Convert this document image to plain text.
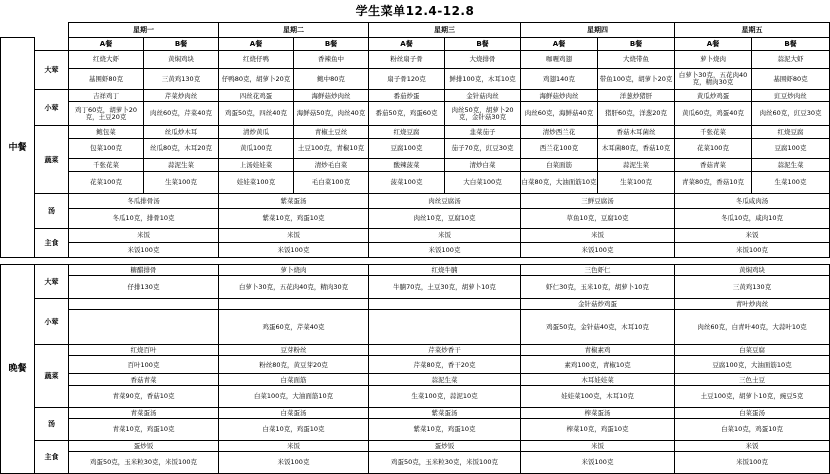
学生菜单12.4-12.8
		星期一		星期二		星期三		星期四		星期五	
中餐		A餐	B餐	A餐	B餐	A餐	B餐	A餐	B餐	A餐	B餐
	大荤	红烧大虾	黄焖鸡块	红烧仔鸭	香辣鱼中	粉丝扇子骨	大烧排骨	咖喱鸡翅	大烧带鱼	萝卜烧肉	蒜泥大虾
		基围虾80克	三黄鸡130克	仔鸭80克，胡萝卜20克	鲍中80克	扇子骨120克	鲜排100克，木耳10克	鸡翅140克	带鱼100克，胡萝卜20克	白萝卜30克，五花肉40克，精肉30克	基围虾80克
	小荤	吉祥鸡丁	芹菜炒肉丝	四丝花鸡蛋	海鲜菇炒肉丝	番茄炒蛋	金针菇肉丝	海鲜菇炒肉丝	洋葱炒猪肝	黄瓜炒鸡蛋	豇豆炒肉丝
		鸡丁60克，胡萝卜20克，土豆20克	肉丝60克，芹菜40克	鸡蛋50克，四丝40克	海鲜菇50克，肉丝40克	番茄50克，鸡蛋60克	肉丝50克，胡萝卜20克，金针菇30克	肉丝60克，海鲜菇40克	猪肝60克，洋葱20克	黄瓜60克，鸡蛋40克	肉丝60克，豇豆30克
	蔬菜	鲍包菜	丝瓜炒木耳	清炒黄瓜	青椒土豆丝	红烧豆腐	韭菜茄子	清炒西兰花	香菇木耳菌丝	千张花菜	红烧豆腐
		包菜100克	丝瓜80克，木耳20克	黄瓜100克	土豆100克，青椒10克	豆腐100克	茄子70克，豇豆30克	西兰花100克	木耳菌80克，香菇10克	花菜100克	豆腐100克
		千张花菜	蒜泥生菜	上汤娃娃菜	清炒毛白菜	酸辣菠菜	清炒白菜	白菜面筋	蒜泥生菜	香菇青菜	蒜泥生菜
		花菜100克	生菜100克	娃娃菜100克	毛白菜100克	菠菜100克	大白菜100克	白菜80克，大油面筋10克	生菜100克	青菜80克，香菇10克	生菜100克
	汤	冬瓜排骨汤		紫菜蛋汤		肉丝豆腐汤		三鲜豆腐汤		冬瓜咸肉汤	
		冬瓜10克，排骨10克		紫菜10克，鸡蛋10克		肉丝10克，豆腐10克		草鱼10克，豆腐10克		冬瓜10克，咸肉10克	
	主食	米饭		米饭		米饭		米饭		米饭	
		米饭100克		米饭100克		米饭100克		米饭100克		米饭100克	
晚餐	大荤	糖醋排骨	萝卜烧肉	红烧牛腩	三色虾仁	黄焖鸡块
		仔排130克	白萝卜30克，五花肉40克，精肉30克	牛腩70克，土豆30克，胡萝卜10克	虾仁30克，玉米10克，胡萝卜10克	三黄鸡130克
	小荤				金针菇炒鸡蛋	青叶炒肉丝
			鸡蛋60克，芹菜40克		鸡蛋50克，金针菇40克，木耳10克	肉丝60克，白青叶40克，大蒜叶10克
	蔬菜	红烧百叶	豆芽粉丝	芹菜炒香干	青椒素鸡	白菜豆腐
		百叶100克	粉丝80克，黄豆芽20克	芹菜80克，香干20克	素鸡100克，青椒10克	豆腐100克，大油面筋10克
		香菇青菜	白菜面筋	蒜泥生菜	木耳娃娃菜	三色土豆
		青菜90克，香菇10克	白菜100克，大油面筋10克	生菜100克，蒜泥10克	娃娃菜100克，木耳10克	土豆100克，胡萝卜10克，豌豆5克
	汤	青菜蛋汤	白菜蛋汤	紫菜蛋汤	榨菜蛋汤	白菜蛋汤
		青菜10克，鸡蛋10克	白菜10克，鸡蛋10克	紫菜10克，鸡蛋10克	榨菜10克，鸡蛋10克	白菜10克，鸡蛋10克
	主食	蛋炒饭	米饭	蛋炒饭	米饭	米饭
		鸡蛋50克，玉米粒30克，米饭100克	米饭100克	鸡蛋50克，玉米粒30克，米饭100克	米饭100克	米饭100克
